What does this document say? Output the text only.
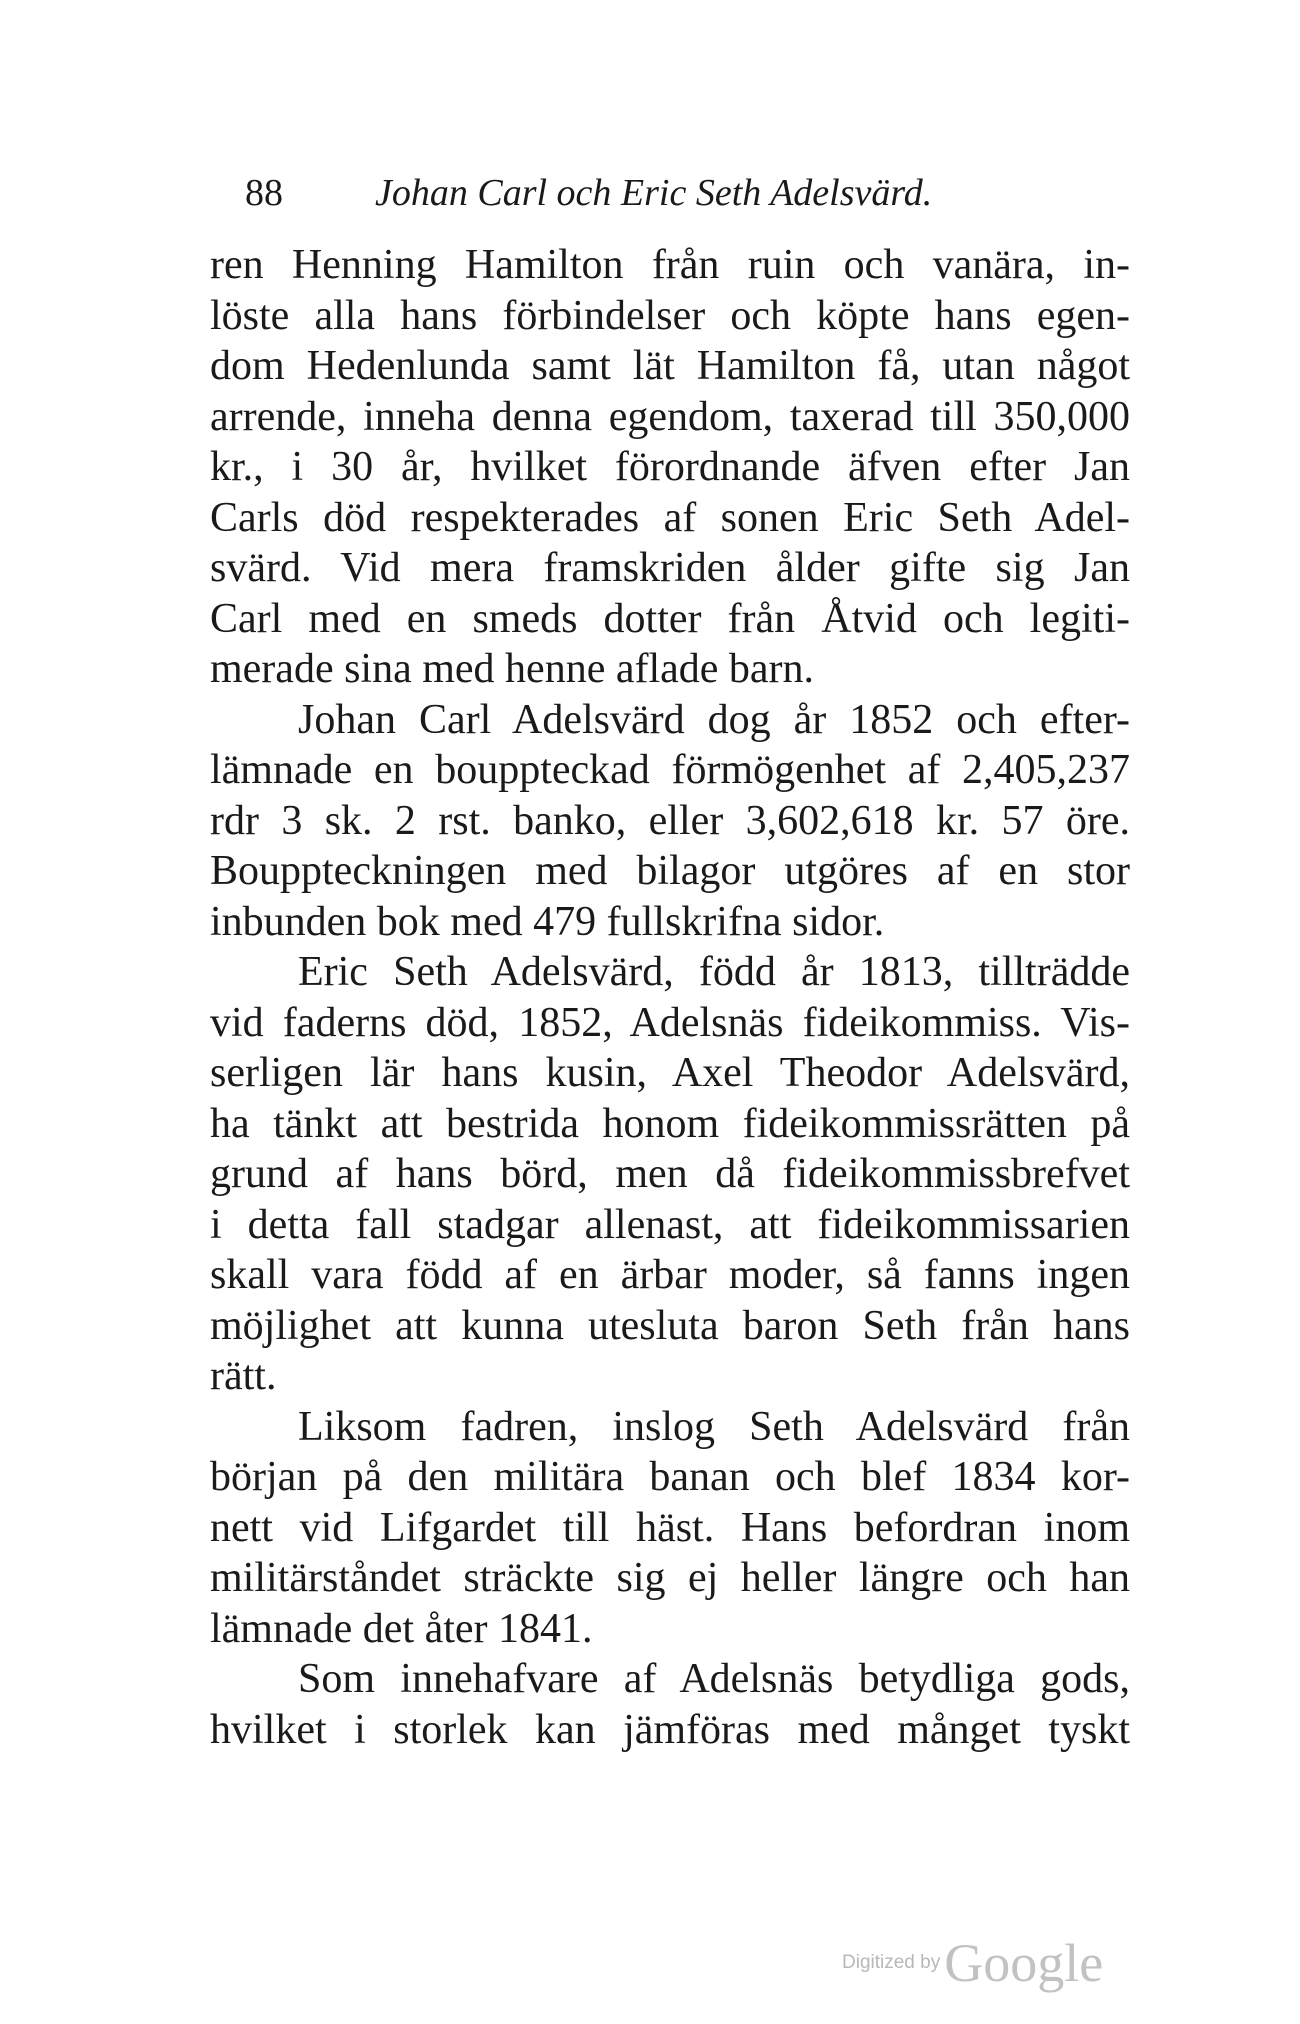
88 Johan Carl och Eric Seth Adelsvärd.
ren Henning Hamilton från ruin och vanära, in-
löste alla hans förbindelser och köpte hans egen-
dom Hedenlunda samt lät Hamilton få, utan något
arrende, inneha denna egendom, taxerad till 350,000
kr., i 30 år, hvilket förordnande äfven efter Jan
Carls död respekterades af sonen Eric Seth Adel-
svärd. Vid mera framskriden ålder gifte sig Jan
Carl med en smeds dotter från Åtvid och legiti-
merade sina med henne aflade barn.
Johan Carl Adelsvärd dog år 1852 och efter-
lämnade en bouppteckad förmögenhet af 2,405,237
rdr 3 sk. 2 rst. banko, eller 3,602,618 kr. 57 öre.
Bouppteckningen med bilagor utgöres af en stor
inbunden bok med 479 fullskrifna sidor.
Eric Seth Adelsvärd, född år 1813, tillträdde
vid faderns död, 1852, Adelsnäs fideikommiss. Vis-
serligen lär hans kusin, Axel Theodor Adelsvärd,
ha tänkt att bestrida honom fideikommissrätten på
grund af hans börd, men då fideikommissbrefvet
i detta fall stadgar allenast, att fideikommissarien
skall vara född af en ärbar moder, så fanns ingen
möjlighet att kunna utesluta baron Seth från hans
rätt.
Liksom fadren, inslog Seth Adelsvärd från
början på den militära banan och blef 1834 kor-
nett vid Lifgardet till häst. Hans befordran inom
militärståndet sträckte sig ej heller längre och han
lämnade det åter 1841.
Som innehafvare af Adelsnäs betydliga gods,
hvilket i storlek kan jämföras med månget tyskt
Digitized by Google
